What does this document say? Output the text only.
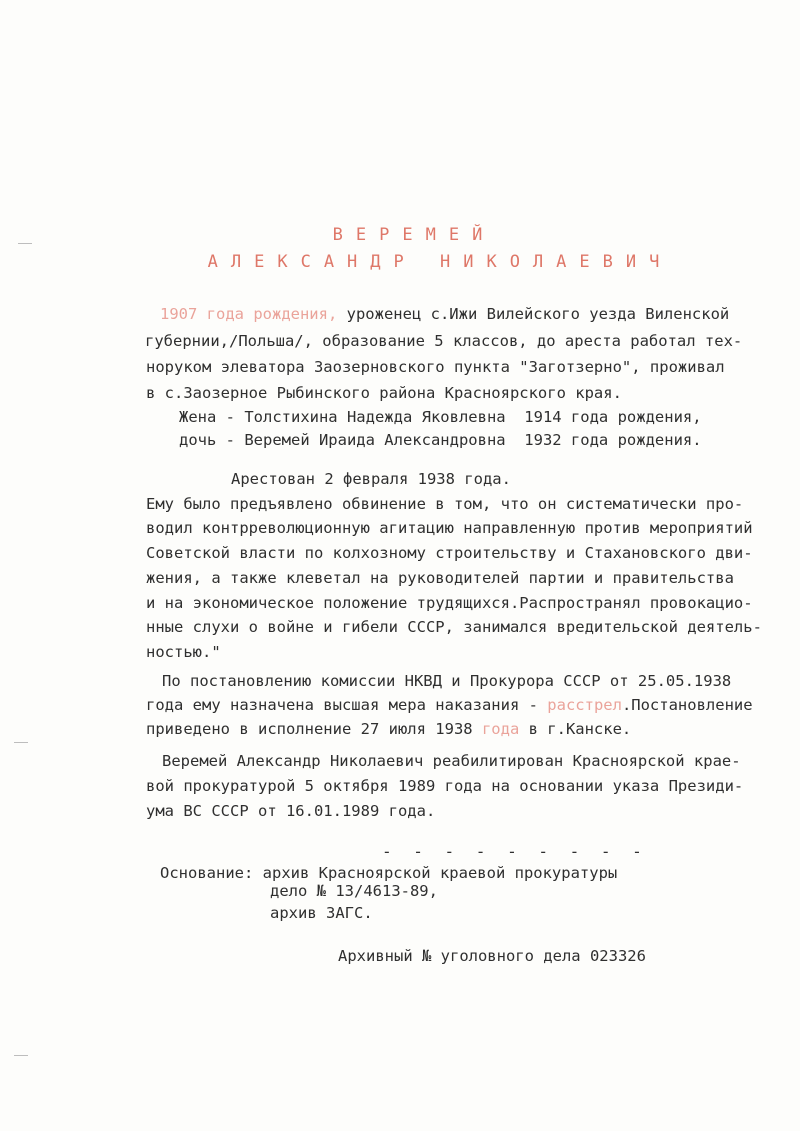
ВЕРЕМЕЙ
АЛЕКСАНДР НИКОЛАЕВИЧ
1907 года рождения, уроженец с.Ижи Вилейского уезда Виленской
губернии,/Польша/, образование 5 классов, до ареста работал тех-
норуком элеватора Заозерновского пункта "Заготзерно", проживал
в с.Заозерное Рыбинского района Красноярского края.
Жена - Толстихина Надежда Яковлевна  1914 года рождения,
дочь - Веремей Ираида Александровна  1932 года рождения.
Арестован 2 февраля 1938 года.
Ему было предъявлено обвинение в том, что он систематически про-
водил контрреволюционную агитацию направленную против мероприятий
Советской власти по колхозному строительству и Стахановского дви-
жения, а также клеветал на руководителей партии и правительства
и на экономическое положение трудящихся.Распространял провокацио-
нные слухи о войне и гибели СССР, занимался вредительской деятель-
ностью."
По постановлению комиссии НКВД и Прокурора СССР от 25.05.1938
года ему назначена высшая мера наказания - расстрел.Постановление
приведено в исполнение 27 июля 1938 года в г.Канске.
Веремей Александр Николаевич реабилитирован Красноярской крае-
вой прокуратурой 5 октября 1989 года на основании указа Президи-
ума ВС СССР от 16.01.1989 года.
- - - - - - - - -
Основание: архив Красноярской краевой прокуратуры
дело № 13/4613-89,
архив ЗАГС.
Архивный № уголовного дела 023326
